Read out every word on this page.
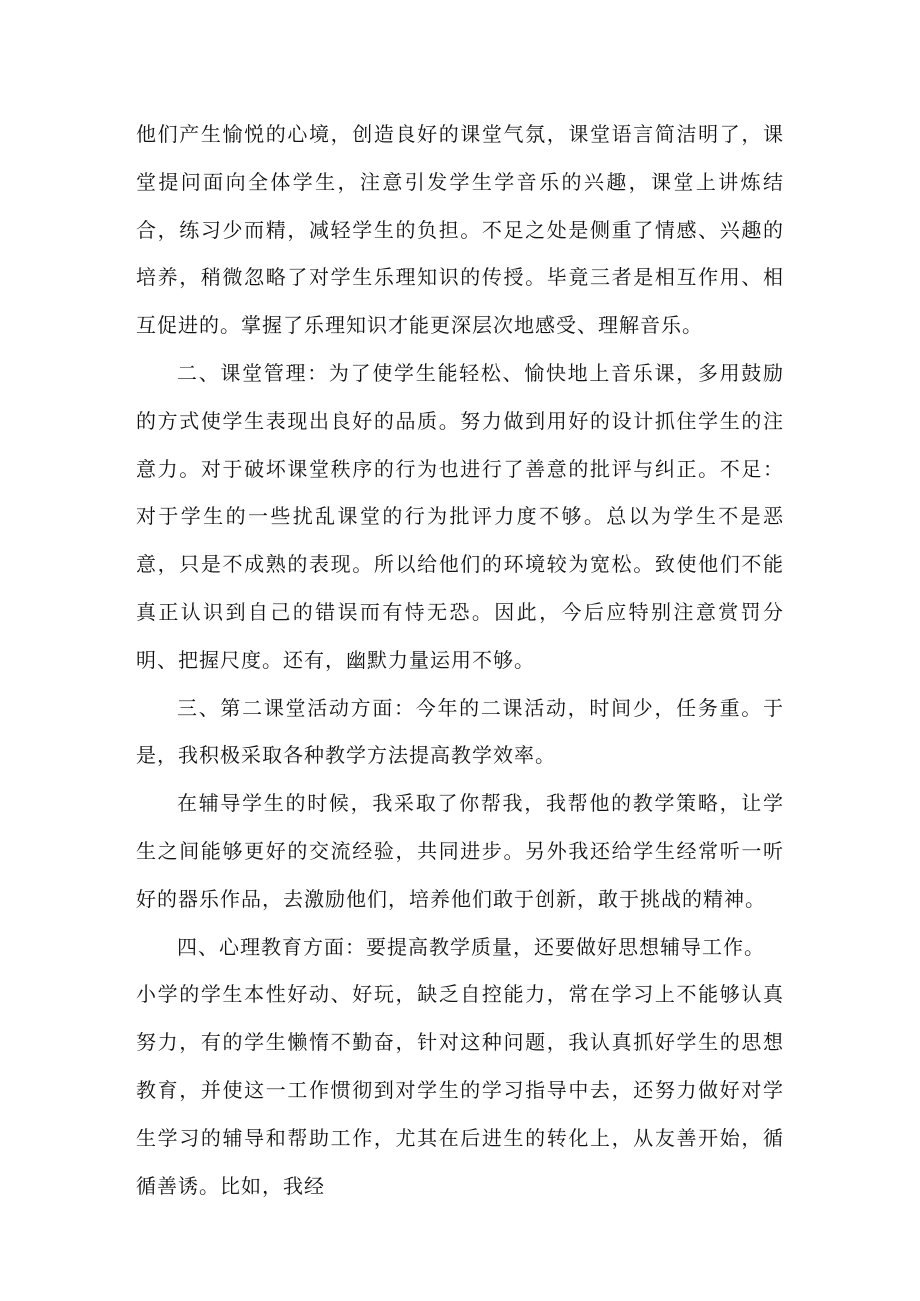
他们产生愉悦的心境，创造良好的课堂气氛，课堂语言简洁明了，课堂提问面向全体学生，注意引发学生学音乐的兴趣，课堂上讲炼结合，练习少而精，减轻学生的负担。不足之处是侧重了情感、兴趣的培养，稍微忽略了对学生乐理知识的传授。毕竟三者是相互作用、相互促进的。掌握了乐理知识才能更深层次地感受、理解音乐。

二、课堂管理：为了使学生能轻松、愉快地上音乐课，多用鼓励的方式使学生表现出良好的品质。努力做到用好的设计抓住学生的注意力。对于破坏课堂秩序的行为也进行了善意的批评与纠正。不足：对于学生的一些扰乱课堂的行为批评力度不够。总以为学生不是恶意，只是不成熟的表现。所以给他们的环境较为宽松。致使他们不能真正认识到自己的错误而有恃无恐。因此，今后应特别注意赏罚分明、把握尺度。还有，幽默力量运用不够。

三、第二课堂活动方面：今年的二课活动，时间少，任务重。于是，我积极采取各种教学方法提高教学效率。

在辅导学生的时候，我采取了你帮我，我帮他的教学策略，让学生之间能够更好的交流经验，共同进步。另外我还给学生经常听一听好的器乐作品，去激励他们，培养他们敢于创新，敢于挑战的精神。

四、心理教育方面：要提高教学质量，还要做好思想辅导工作。

小学的学生本性好动、好玩，缺乏自控能力，常在学习上不能够认真努力，有的学生懒惰不勤奋，针对这种问题，我认真抓好学生的思想教育，并使这一工作惯彻到对学生的学习指导中去，还努力做好对学生学习的辅导和帮助工作，尤其在后进生的转化上，从友善开始，循循善诱。比如，我经
